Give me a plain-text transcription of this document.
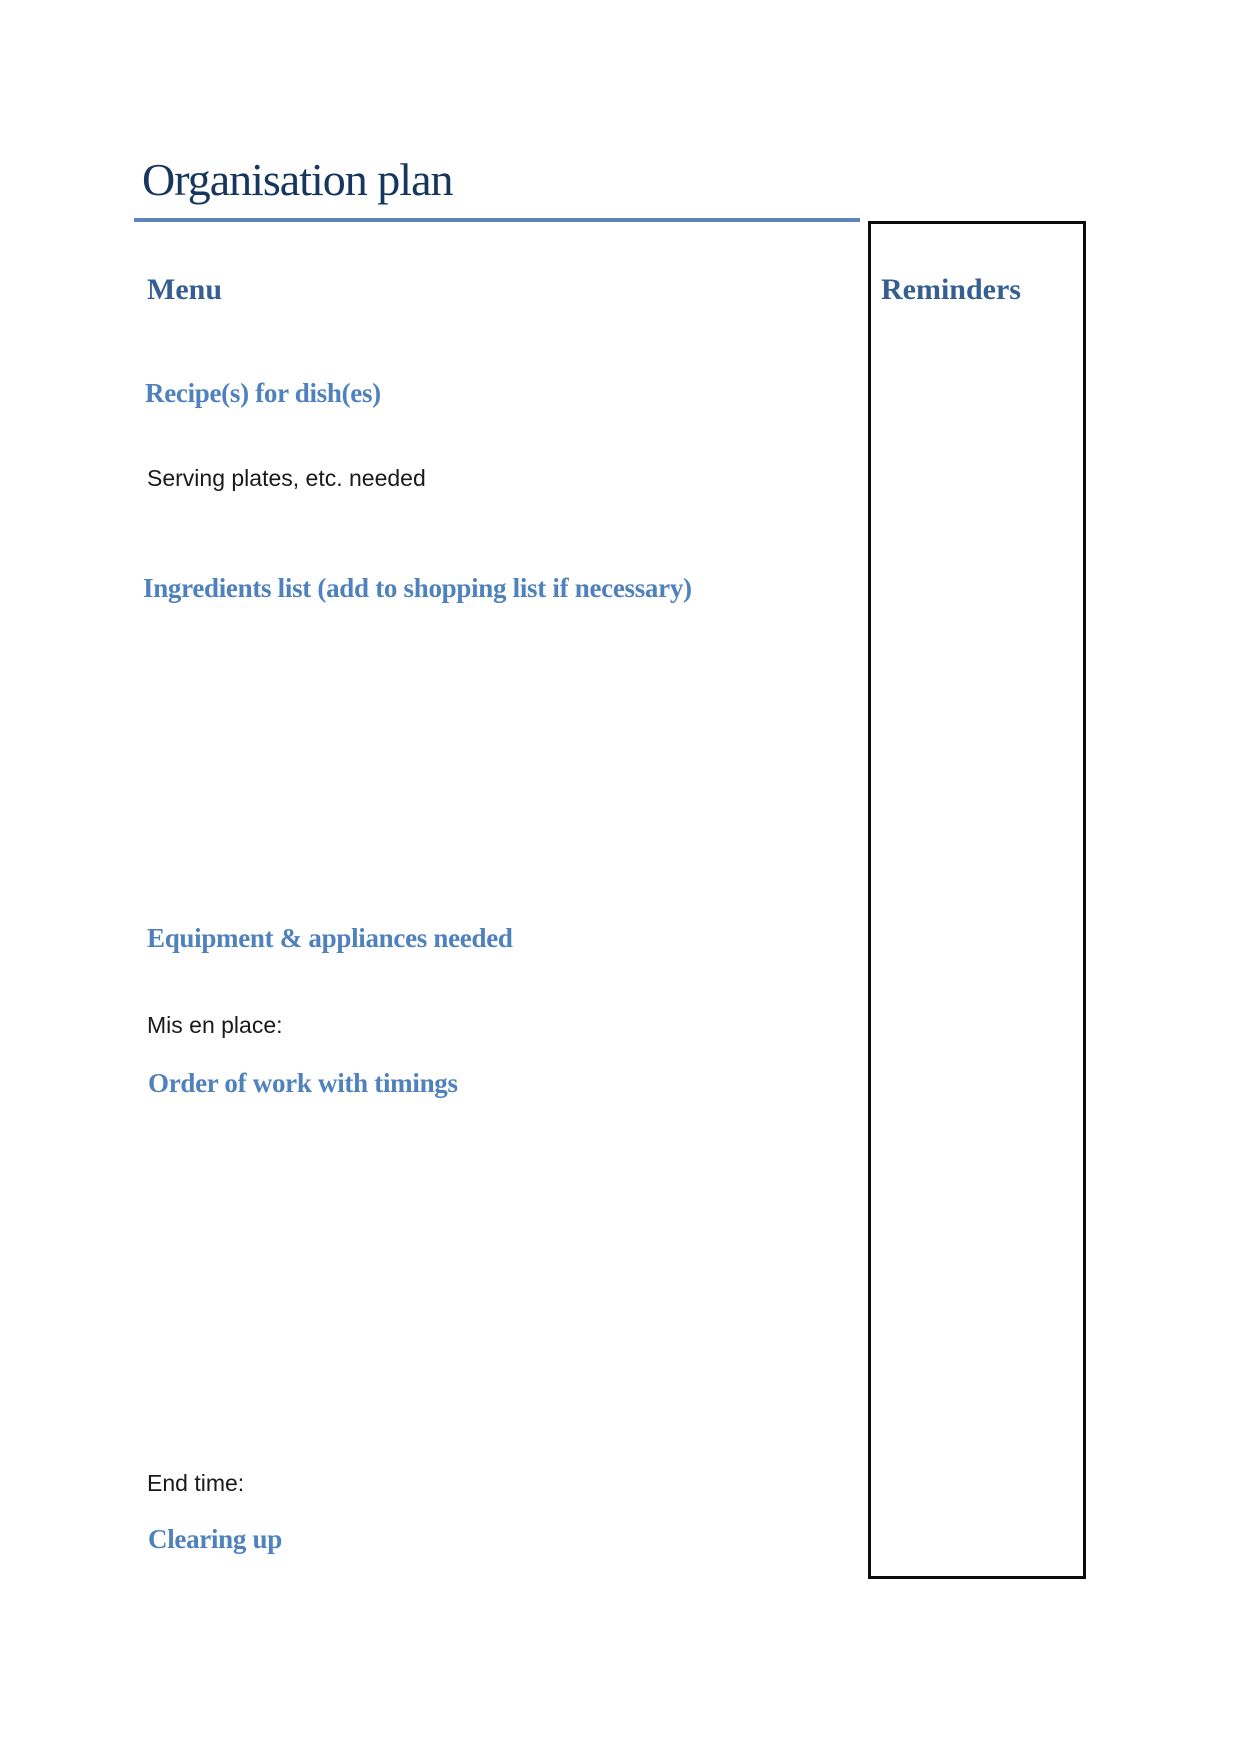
Organisation plan
Menu
Recipe(s) for dish(es)

Serving plates, etc. needed

Ingredients list (add to shopping list if necessary)
Equipment & appliances needed

Mis en place:

Order of work with timings

End time:

Clearing up
Reminders
